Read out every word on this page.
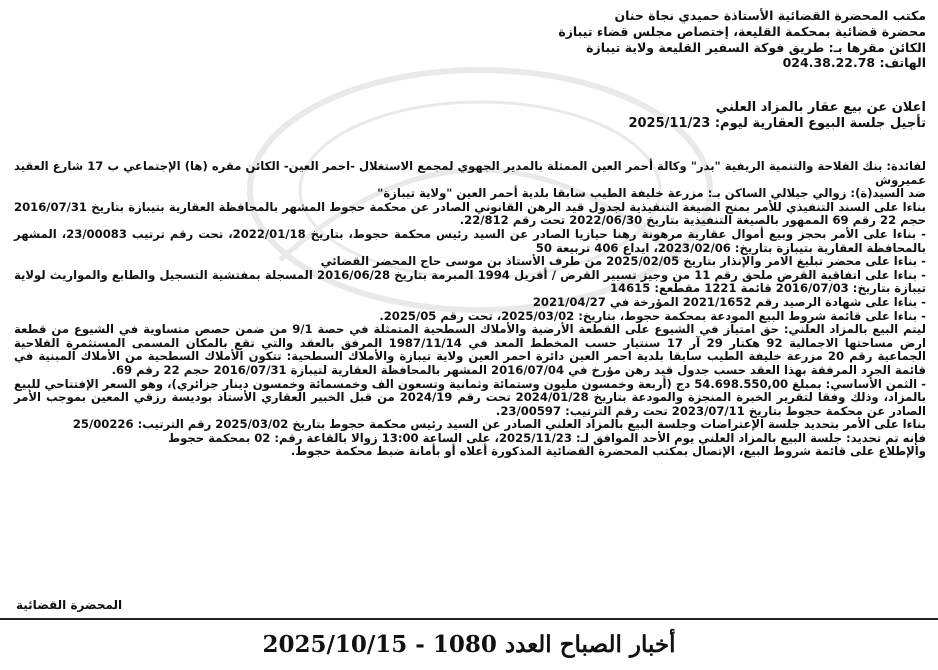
مكتب المحضرة القضائية الأستاذة حميدي نجاة حنان
محضرة قضائية بمحكمة القليعة، إختصاص مجلس قضاء تيبازة
الكائن مقرها بـ: طريق فوكة السفير القليعة ولاية تيبازة
الهاتف: 024.38.22.78
اعلان عن بيع عقار بالمزاد العلني
تأجيل جلسة البيوع العقارية ليوم: 2025/11/23

لفائدة: بنك الفلاحة والتنمية الريفية "بدر" وكالة أحمر العين الممثلة بالمدير الجهوي لمجمع الاستغلال -احمر العين- الكائن مقره (ها) الإجتماعي ب 17 شارع العقيد عميروش

ضد السيد(ة): زوالي جيلالي الساكن بـ: مزرعة خليفة الطيب سابقا بلدية أحمر العين "ولاية تيبازة"

بناءا على السند التنفيذي للأمر بمنح الصيغة التنفيذية لجدول قيد الرهن القانوني الصادر عن محكمة حجوط المشهر بالمحافظة العقارية بتيبازة بتاريخ 2016/07/31 حجم 22 رقم 69 الممهور بالصيغة التنفيذية بتاريخ 2022/06/30 تحت رقم 22/812.

- بناءا على الأمر بحجز وبيع أموال عقارية مرهونة رهنا حيازيا الصادر عن السيد رئيس محكمة حجوط، بتاريخ 2022/01/18، تحت رقم ترتيب 23/00083، المشهر بالمحافظة العقارية بتيبازة بتاريخ: 2023/02/06، ايداع 406 تربيعة 50

- بناءا على محضر تبليغ الامر والإنذار بتاريخ 2025/02/05 من طرف الأستاذ بن موسى حاج المحضر القضائي

- بناءا على اتفاقية القرض ملحق رقم 11 من وجيز تسيير القرض / أفريل 1994 المبرمة بتاريخ 2016/06/28 المسجلة بمفتشية التسجيل والطابع والمواريث لولاية تيبازة بتاريخ: 2016/07/03 قائمة 1221 مقطعع: 14615

- بناءا على شهادة الرصيد رقم 2021/1652 المؤرخة في 2021/04/27

- بناءا على قائمة شروط البيع المودعة بمحكمة حجوط، بتاريخ: 2025/03/02، تحت رقم 2025/05.

ليتم البيع بالمزاد العلني: حق امتياز في الشيوع على القطعة الأرضية والأملاك السطحية المتمثلة في حصة 9/1 من ضمن حصص متساوية في الشيوع من قطعة ارض مساحتها الاجمالية 92 هكتار 29 آر 17 سنتيار حسب المخطط المعد في 1987/11/14 المرفق بالعقد والتي تقع بالمكان المسمى المستثمرة الفلاحية الجماعية رقم 20 مزرعة خليفة الطيب سابقا بلدية احمر العين دائرة احمر العين ولاية تيبازة والأملاك السطحية: تتكون الأملاك السطحية من الأملاك المبنية في قائمة الجرد المرفقة بهذا العقد حسب جدول قيد رهن مؤرخ في 2016/07/04 المشهر بالمحافظة العقارية لتيبازة 2016/07/31 حجم 22 رقم 69.

- الثمن الأساسي: بمبلغ 54.698.550,00 دج (أربعة وخمسون مليون وستمائة وثمانية وتسعون الف وخمسمائة وخمسون دينار جزائري)، وهو السعر الإفتتاحي للبيع بالمزاد، وذلك وفقا لتقرير الخبرة المنجزة والمودعة بتاريخ 2024/01/28 تحت رقم 2024/19 من قبل الخبير العقاري الأستاذ بوديسة رزقي المعين بموجب الأمر الصادر عن محكمة حجوط بتاريخ 2023/07/11 تحت رقم الترتيب: 23/00597.

بناءا على الأمر بتحديد جلسة الإعتراضات وجلسة البيع بالمزاد العلني الصادر عن السيد رئيس محكمة حجوط بتاريخ 2025/03/02 رقم الترتيب: 25/00226

فإنه تم تحديد: جلسة البيع بالمزاد العلني يوم الأحد الموافق لـ: 2025/11/23، على الساعة 13:00 زوالا بالقاعة رقم: 02 بمحكمة حجوط

والإطلاع على قائمة شروط البيع، الإتصال بمكتب المحضرة القضائية المذكورة أعلاه أو بأمانة ضبط محكمة حجوط.

المحضرة القضائية
أخبار الصباح العدد 1080 - 2025/10/15
